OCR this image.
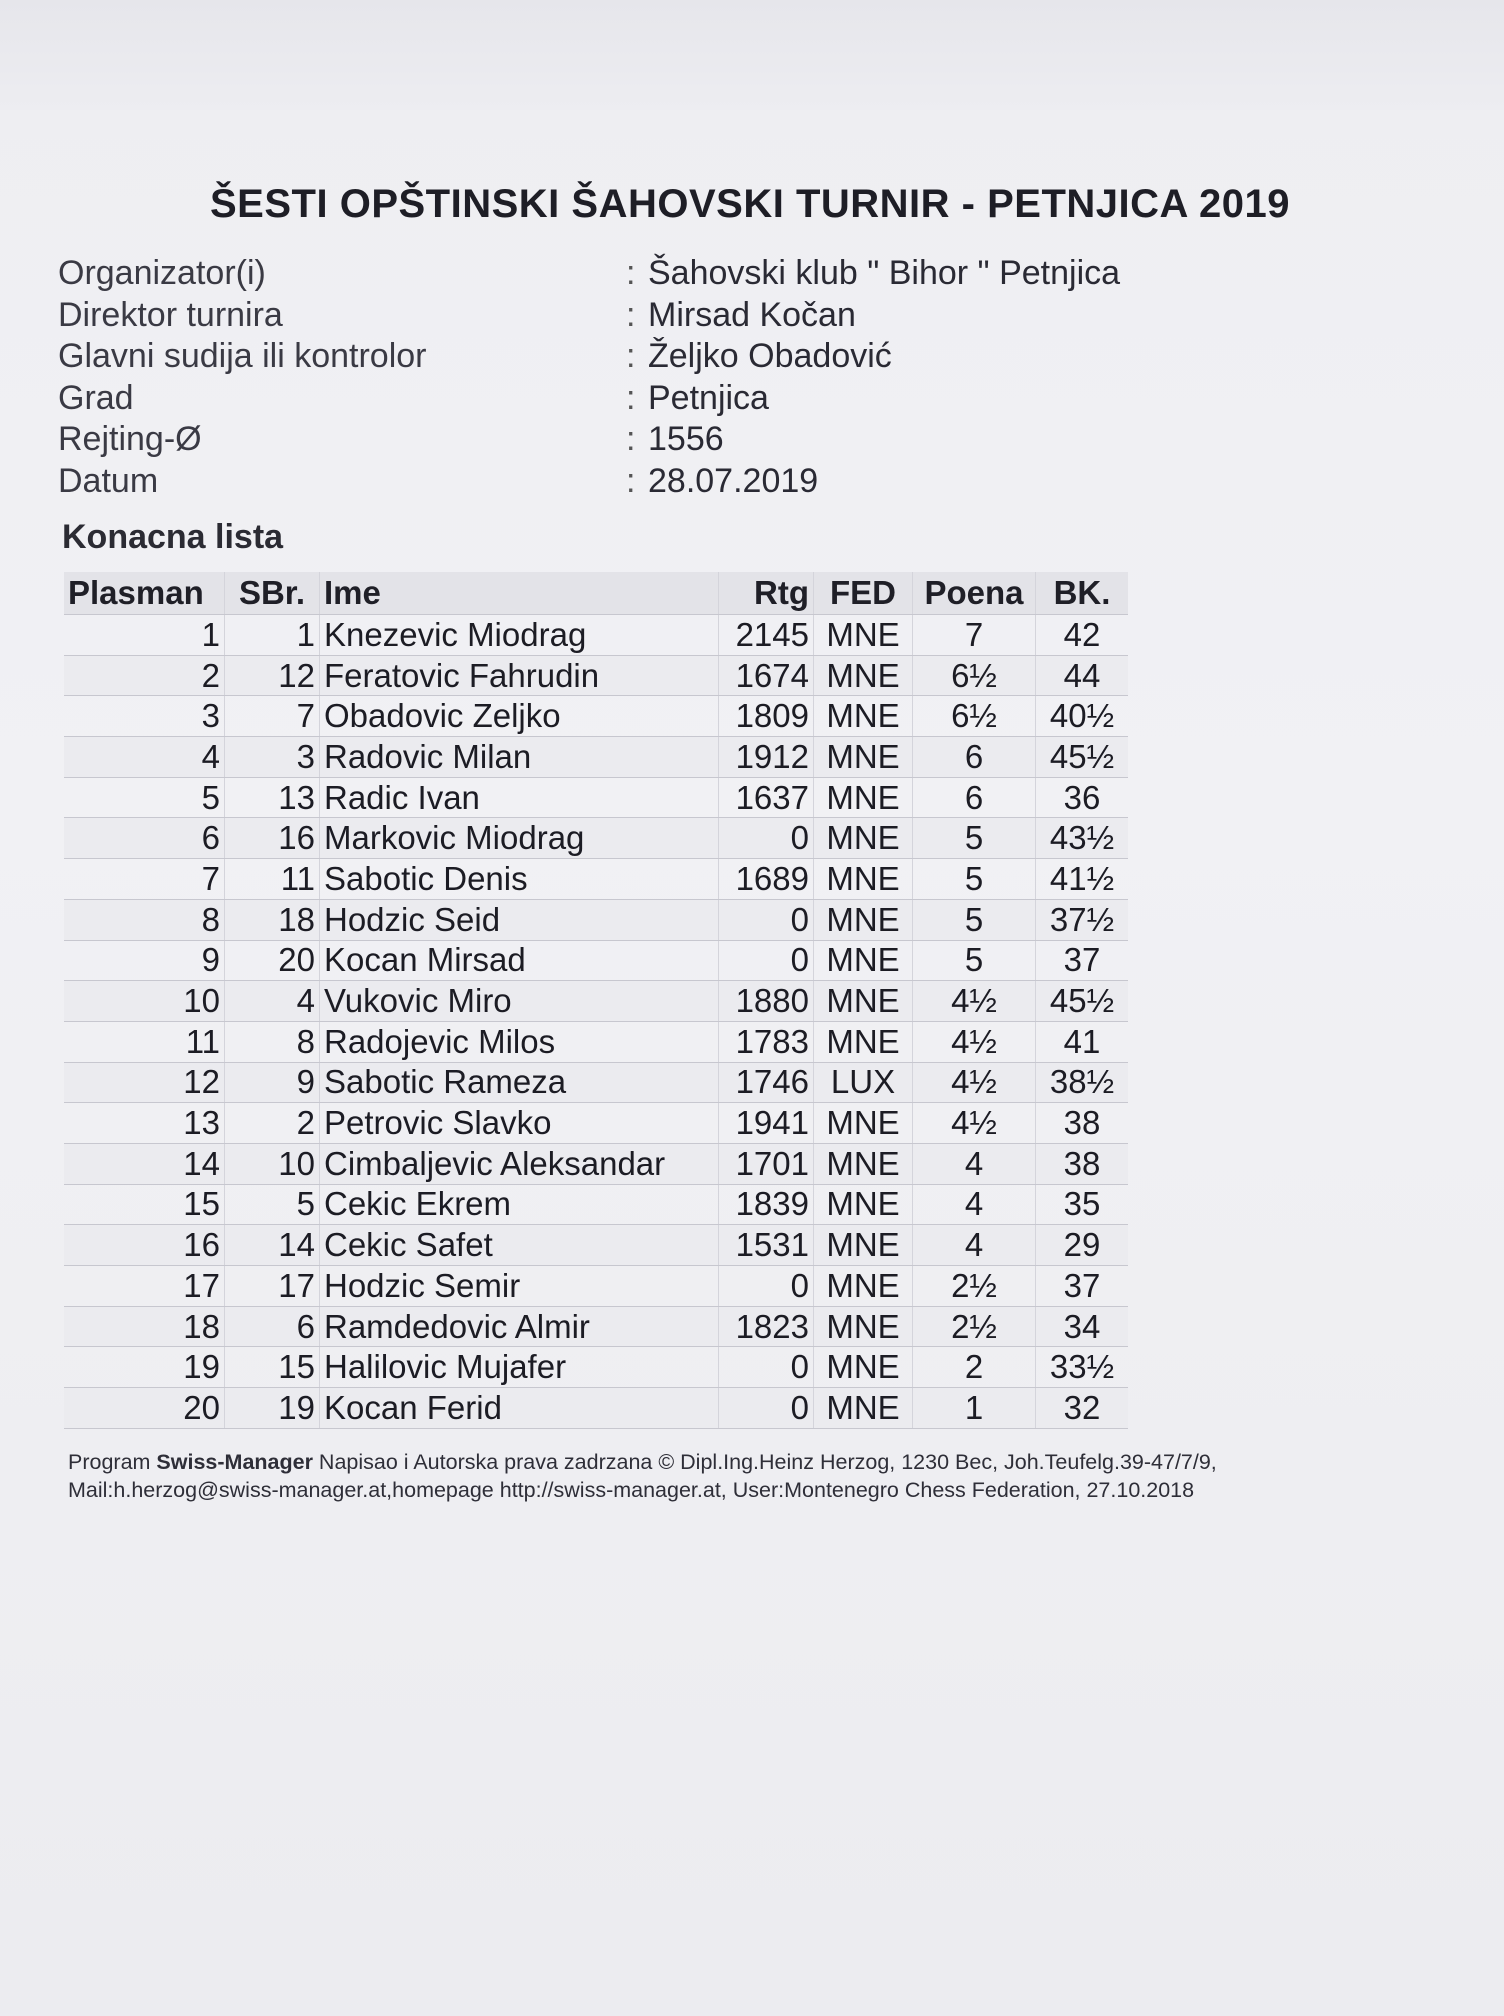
ŠESTI OPŠTINSKI ŠAHOVSKI TURNIR - PETNJICA 2019
Organizator(i)	: Šahovski klub " Bihor " Petnjica
Direktor turnira	: Mirsad Kočan
Glavni sudija ili kontrolor	: Željko Obadović
Grad	: Petnjica
Rejting-Ø	: 1556
Datum	: 28.07.2019
Konacna lista
Plasman	SBr.	Ime	Rtg	FED	Poena	BK.
1	1	Knezevic Miodrag	2145	MNE	7	42
2	12	Feratovic Fahrudin	1674	MNE	6½	44
3	7	Obadovic Zeljko	1809	MNE	6½	40½
4	3	Radovic Milan	1912	MNE	6	45½
5	13	Radic Ivan	1637	MNE	6	36
6	16	Markovic Miodrag	0	MNE	5	43½
7	11	Sabotic Denis	1689	MNE	5	41½
8	18	Hodzic Seid	0	MNE	5	37½
9	20	Kocan Mirsad	0	MNE	5	37
10	4	Vukovic Miro	1880	MNE	4½	45½
11	8	Radojevic Milos	1783	MNE	4½	41
12	9	Sabotic Rameza	1746	LUX	4½	38½
13	2	Petrovic Slavko	1941	MNE	4½	38
14	10	Cimbaljevic Aleksandar	1701	MNE	4	38
15	5	Cekic Ekrem	1839	MNE	4	35
16	14	Cekic Safet	1531	MNE	4	29
17	17	Hodzic Semir	0	MNE	2½	37
18	6	Ramdedovic Almir	1823	MNE	2½	34
19	15	Halilovic Mujafer	0	MNE	2	33½
20	19	Kocan Ferid	0	MNE	1	32
Program Swiss-Manager Napisao i Autorska prava zadrzana © Dipl.Ing.Heinz Herzog, 1230 Bec, Joh.Teufelg.39-47/7/9,
Mail:h.herzog@swiss-manager.at,homepage http://swiss-manager.at, User:Montenegro Chess Federation, 27.10.2018
